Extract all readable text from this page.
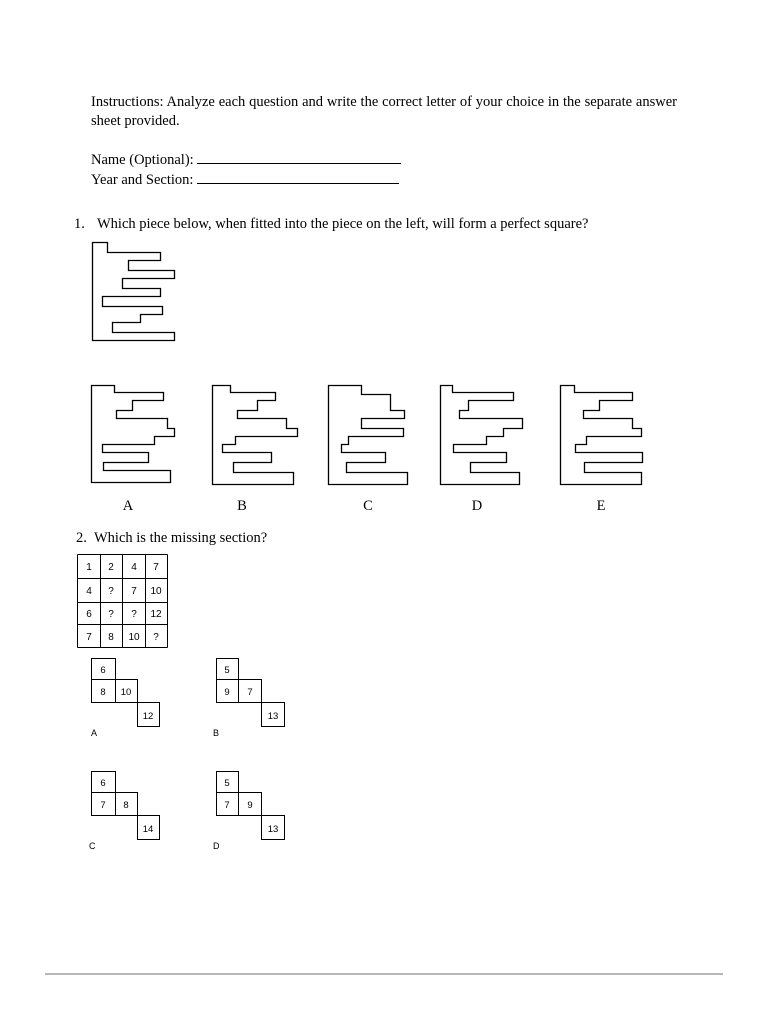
Instructions: Analyze each question and write the correct letter of your choice in the separate answer sheet provided.
Name (Optional):
Year and Section:
1. Which piece below, when fitted into the piece on the left, will form a perfect square?
A	B	C	D	E
2. Which is the missing section?
1 2 4 7
4 ? 7 10
6 ? ? 12
7 8 10 ?
6
8 10
12
A
5
9 7
13
B
6
7 8
14
C
5
7 9
13
D
